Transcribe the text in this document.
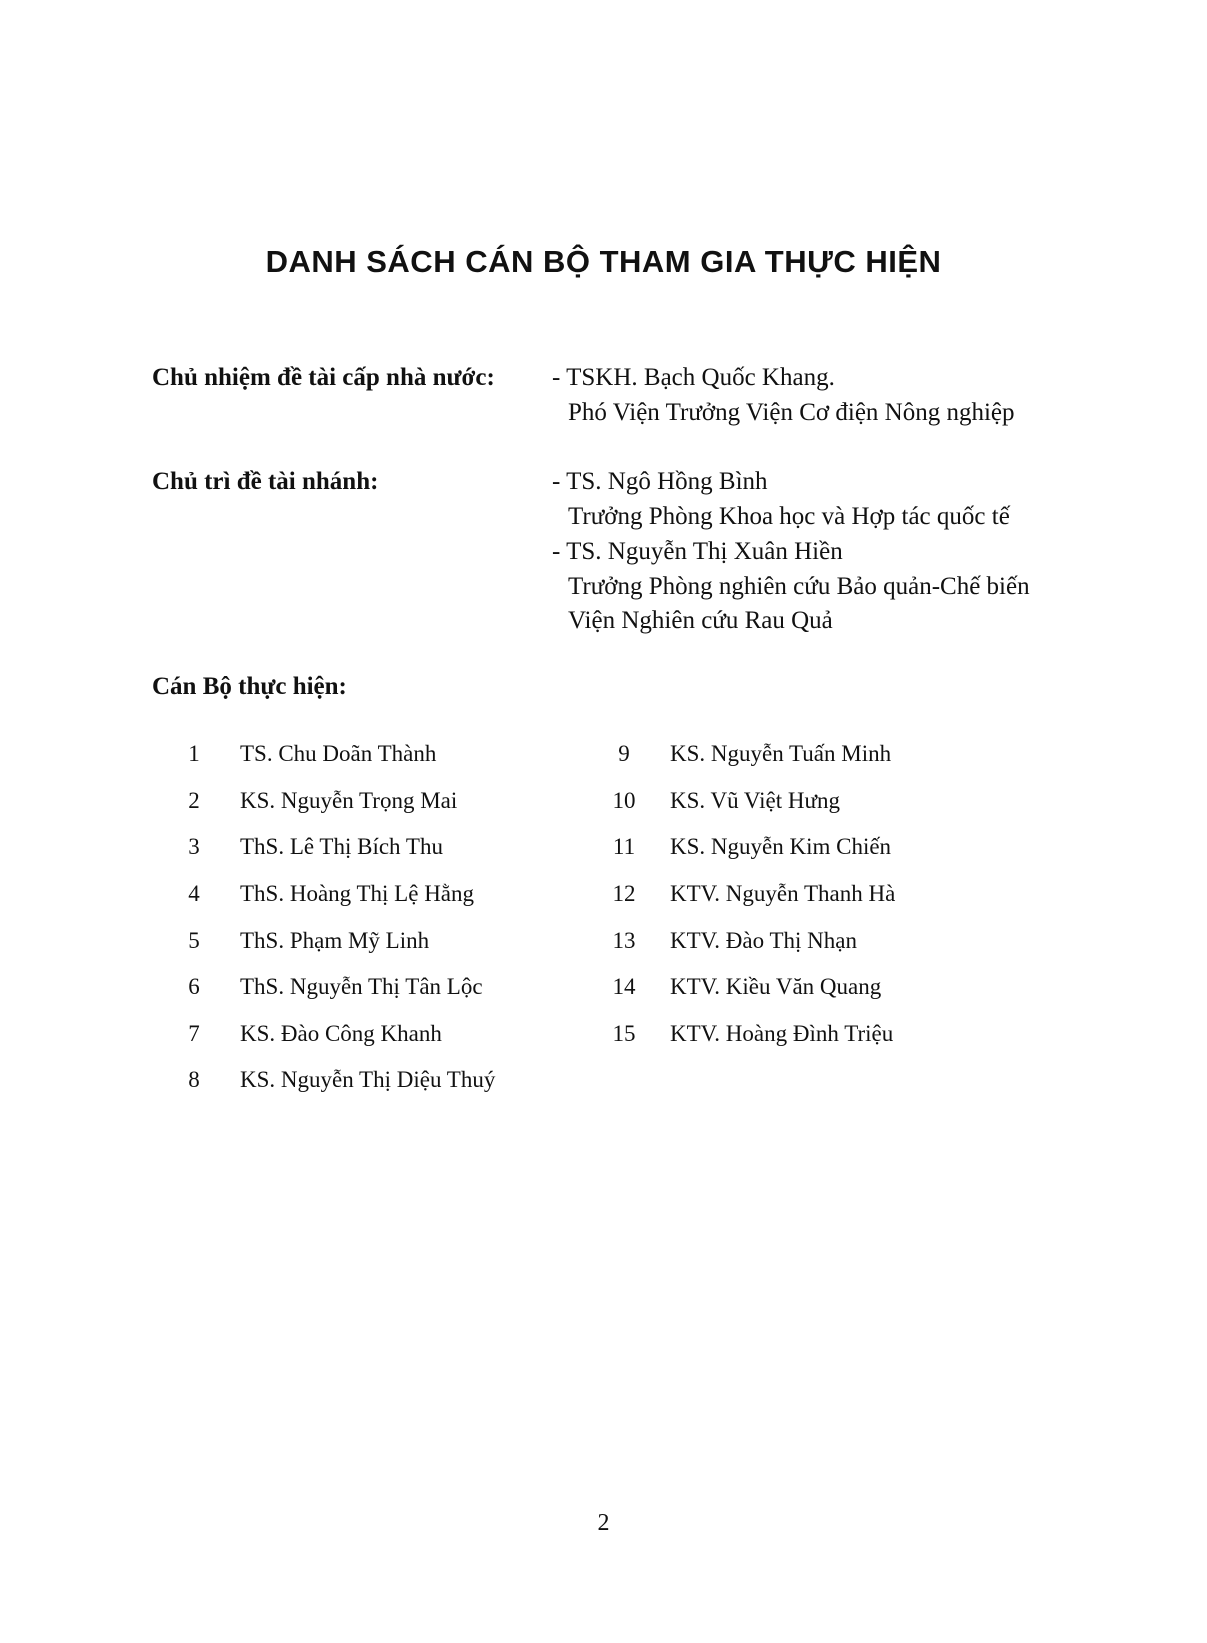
DANH SÁCH CÁN BỘ THAM GIA THỰC HIỆN
Chủ nhiệm đề tài cấp nhà nước: - TSKH. Bạch Quốc Khang.
Phó Viện Trưởng Viện Cơ điện Nông nghiệp
Chủ trì đề tài nhánh:	- TS. Ngô Hồng Bình
Trưởng Phòng Khoa học và Hợp tác quốc tế
- TS. Nguyễn Thị Xuân Hiền
Trưởng Phòng nghiên cứu Bảo quản-Chế biến
Viện Nghiên cứu Rau Quả
Cán Bộ thực hiện:
1	TS. Chu Doãn Thành
2	KS. Nguyễn Trọng Mai
3	ThS. Lê Thị Bích Thu
4	ThS. Hoàng Thị Lệ Hằng
5	ThS. Phạm Mỹ Linh
6	ThS. Nguyễn Thị Tân Lộc
7	KS. Đào Công Khanh
8	KS. Nguyễn Thị Diệu Thuý
9	KS. Nguyễn Tuấn Minh
10	KS. Vũ Việt Hưng
11	KS. Nguyễn Kim Chiến
12	KTV. Nguyễn Thanh Hà
13	KTV. Đào Thị Nhạn
14	KTV. Kiều Văn Quang
15	KTV. Hoàng Đình Triệu
2
